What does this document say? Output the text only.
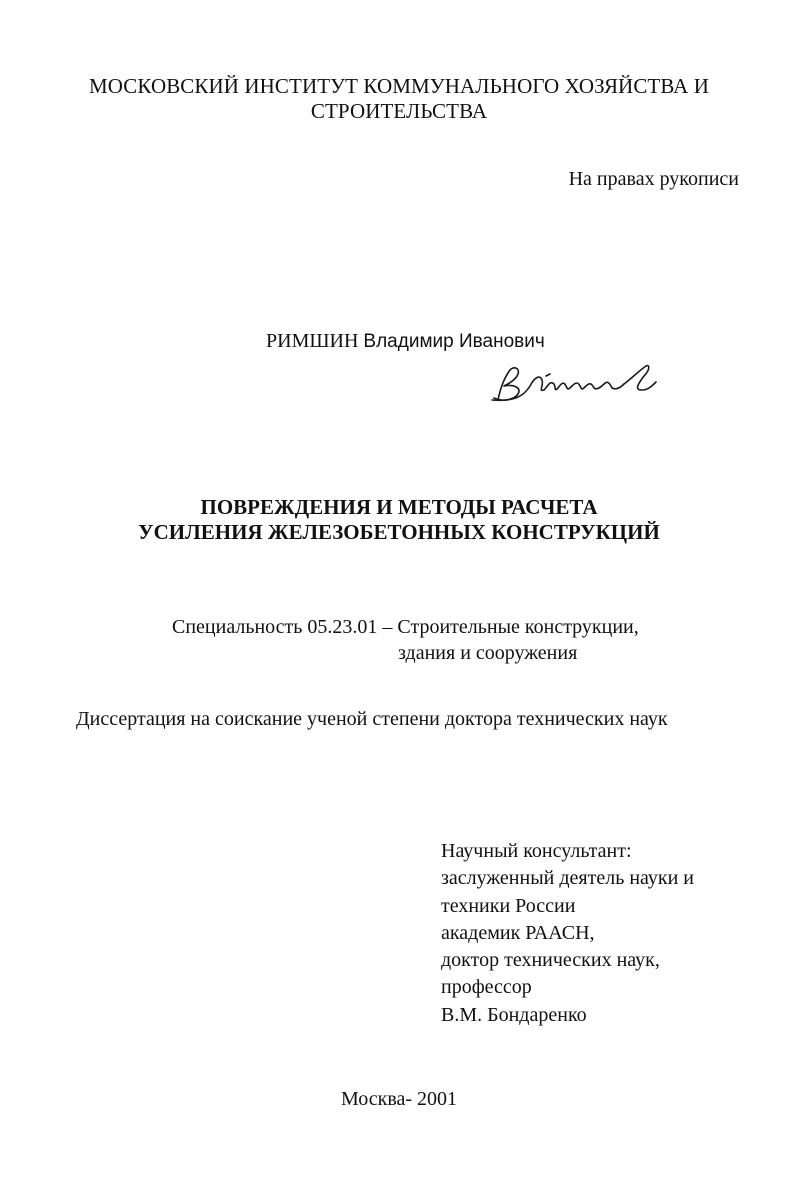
МОСКОВСКИЙ ИНСТИТУТ КОММУНАЛЬНОГО ХОЗЯЙСТВА И
СТРОИТЕЛЬСТВА
На правах рукописи
РИМШИН Владимир Иванович
ПОВРЕЖДЕНИЯ И МЕТОДЫ РАСЧЕТА
УСИЛЕНИЯ ЖЕЛЕЗОБЕТОННЫХ КОНСТРУКЦИЙ
Специальность 05.23.01 – Строительные конструкции,
здания и сооружения
Диссертация на соискание ученой степени доктора технических наук
Научный консультант:
заслуженный деятель науки и
техники России
академик РААСН,
доктор технических наук,
профессор
В.М. Бондаренко
Москва- 2001
